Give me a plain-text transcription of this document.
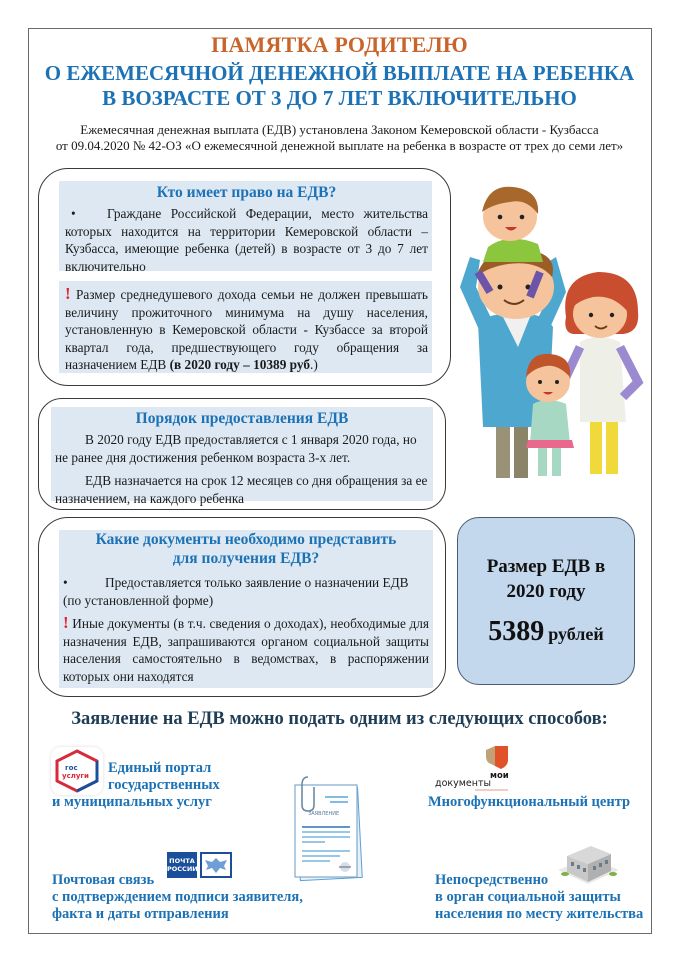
ПАМЯТКА РОДИТЕЛЮ
О ЕЖЕМЕСЯЧНОЙ ДЕНЕЖНОЙ ВЫПЛАТЕ НА РЕБЕНКА
В ВОЗРАСТЕ ОТ 3 ДО 7 ЛЕТ ВКЛЮЧИТЕЛЬНО
Ежемесячная денежная выплата (ЕДВ) установлена Законом Кемеровской области - Кузбасса
от 09.04.2020 № 42-ОЗ «О ежемесячной денежной выплате на ребенка в возрасте от трех до семи лет»
Кто имеет право на ЕДВ?
• Граждане Российской Федерации, место жительства которых находится на территории Кемеровской области – Кузбасса, имеющие ребенка (детей) в возрасте от 3 до 7 лет включительно
! Размер среднедушевого дохода семьи не должен превышать величину прожиточного минимума на душу населения, установленную в Кемеровской области - Кузбассе за второй квартал года, предшествующего году обращения за назначением ЕДВ (в 2020 году – 10389 руб.)
Порядок предоставления ЕДВ
В 2020 году ЕДВ предоставляется с 1 января 2020 года, но не ранее дня достижения ребенком возраста 3-х лет.
ЕДВ назначается на срок 12 месяцев со дня обращения за ее назначением, на каждого ребенка
Какие документы необходимо представить для получения ЕДВ?
•	Предоставляется только заявление о назначении ЕДВ (по установленной форме)
! Иные документы (в т.ч. сведения о доходах), необходимые для назначения ЕДВ, запрашиваются органом социальной защиты населения самостоятельно в ведомствах, в распоряжении которых они находятся
Размер ЕДВ в
2020 году
5389 рублей
Заявление на ЕДВ можно подать одним из следующих способов:
гос
услуги Единый портал
государственных
и муниципальных услуг
ЗАЯВЛЕНИЕ
мои
документы
Многофункциональный центр
ПОЧТА
РОССИИ
Почтовая связь
с подтверждением подписи заявителя,
факта и даты отправления
Непосредственно
в орган социальной защиты
населения по месту жительства
